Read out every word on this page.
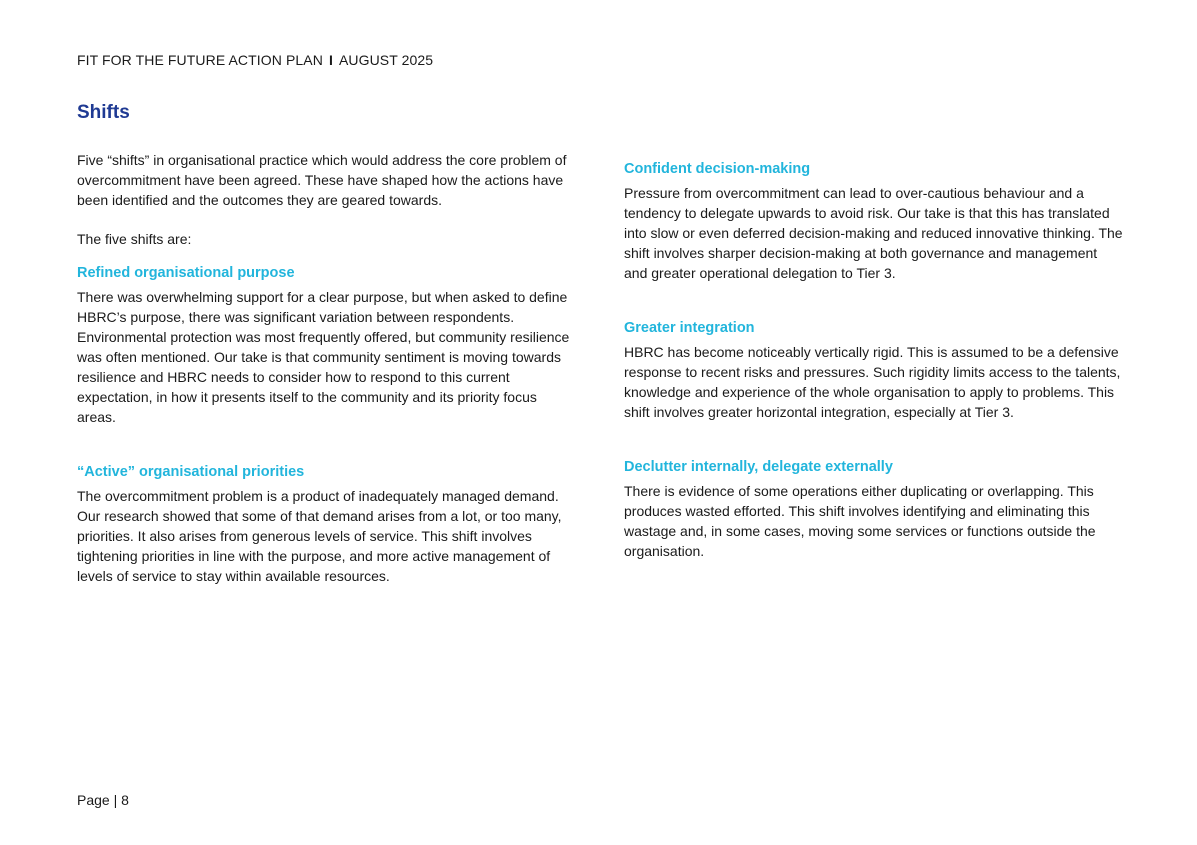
FIT FOR THE FUTURE ACTION PLAN I AUGUST 2025
Shifts

Five “shifts” in organisational practice which would address the core problem of overcommitment have been agreed. These have shaped how the actions have been identified and the outcomes they are geared towards.

The five shifts are:

Refined organisational purpose

There was overwhelming support for a clear purpose, but when asked to define HBRC’s purpose, there was significant variation between respondents. Environmental protection was most frequently offered, but community resilience was often mentioned. Our take is that community sentiment is moving towards resilience and HBRC needs to consider how to respond to this current expectation, in how it presents itself to the community and its priority focus areas.

“Active” organisational priorities

The overcommitment problem is a product of inadequately managed demand. Our research showed that some of that demand arises from a lot, or too many, priorities. It also arises from generous levels of service. This shift involves tightening priorities in line with the purpose, and more active management of levels of service to stay within available resources.

Confident decision-making

Pressure from overcommitment can lead to over-cautious behaviour and a tendency to delegate upwards to avoid risk. Our take is that this has translated into slow or even deferred decision-making and reduced innovative thinking. The shift involves sharper decision-making at both governance and management and greater operational delegation to Tier 3.

Greater integration

HBRC has become noticeably vertically rigid. This is assumed to be a defensive response to recent risks and pressures. Such rigidity limits access to the talents, knowledge and experience of the whole organisation to apply to problems. This shift involves greater horizontal integration, especially at Tier 3.

Declutter internally, delegate externally

There is evidence of some operations either duplicating or overlapping. This produces wasted efforted. This shift involves identifying and eliminating this wastage and, in some cases, moving some services or functions outside the organisation.

Page | 8
